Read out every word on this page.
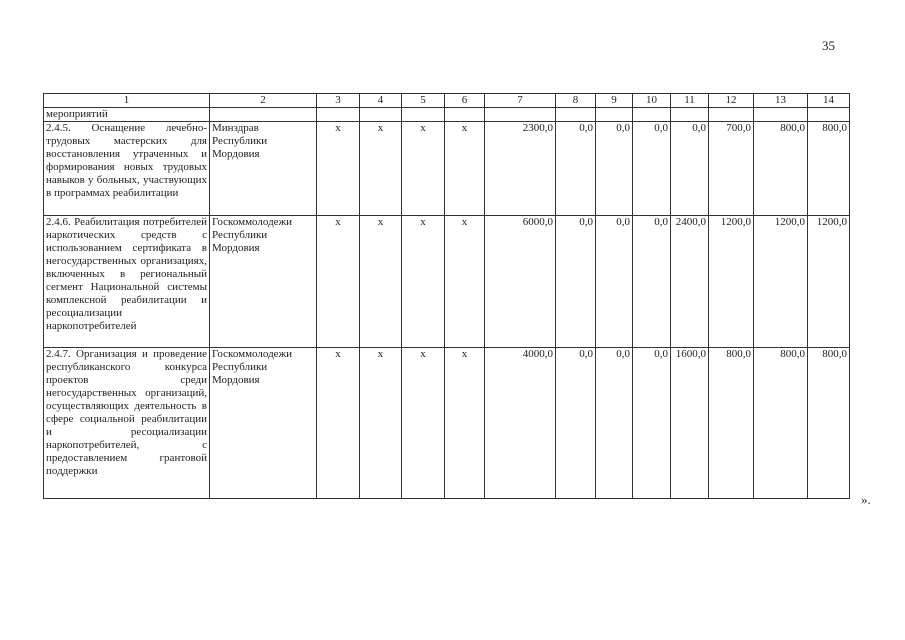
35
1	2	3	4	5	6	7	8	9	10	11	12	13	14
мероприятий													
2.4.5. Оснащение лечебно-трудовых мастерских для восстановления утраченных и формирования новых трудовых навыков у больных, участвующих в программах реабилитации	Минздрав Республики Мордовия	х	х	х	х	2300,0	0,0	0,0	0,0	0,0	700,0	800,0	800,0
2.4.6. Реабилитация потребителей наркотических средств с использованием сертификата в негосударственных организациях, включенных в региональный сегмент Национальной системы комплексной реабилитации и ресоциализации наркопотребителей	Госкоммолодежи Республики Мордовия	х	х	х	х	6000,0	0,0	0,0	0,0	2400,0	1200,0	1200,0	1200,0
2.4.7. Организация и проведение республиканского конкурса проектов среди негосударственных организаций, осуществляющих деятельность в сфере социальной реабилитации и ресоциализации наркопотребителей, с предоставлением грантовой поддержки	Госкоммолодежи Республики Мордовия	х	х	х	х	4000,0	0,0	0,0	0,0	1600,0	800,0	800,0	800,0
».
